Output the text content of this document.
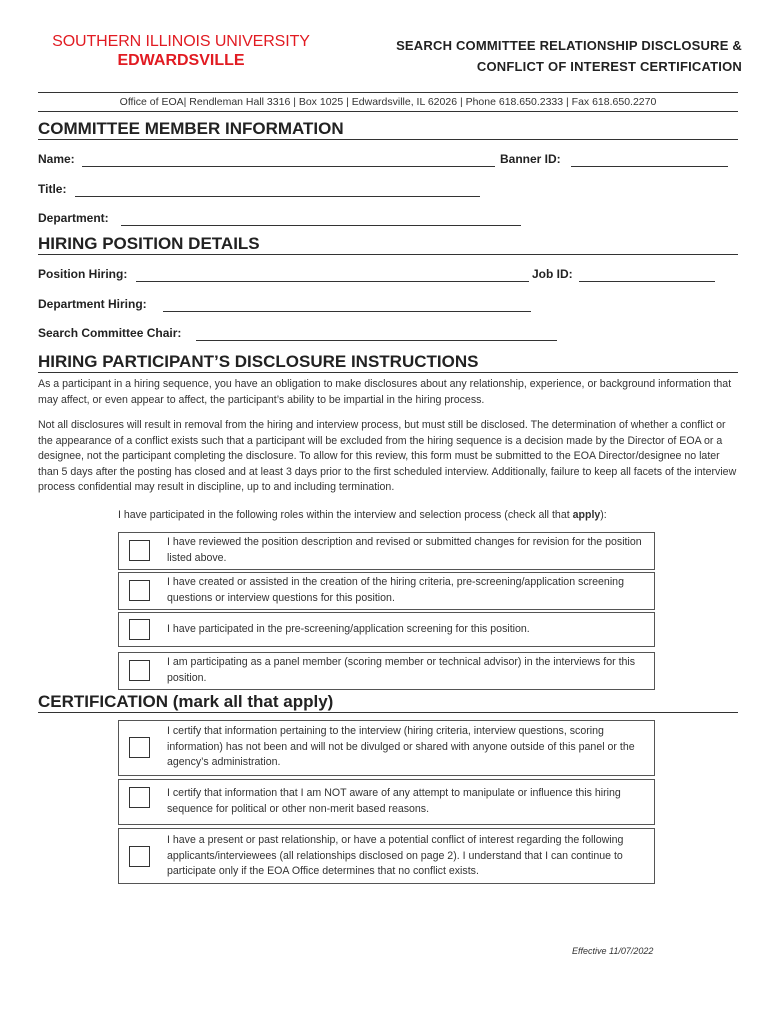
SOUTHERN ILLINOIS UNIVERSITY
EDWARDSVILLE
SEARCH COMMITTEE RELATIONSHIP DISCLOSURE &
CONFLICT OF INTEREST CERTIFICATION
Office of EOA| Rendleman Hall 3316 | Box 1025 | Edwardsville, IL 62026 | Phone 618.650.2333 | Fax 618.650.2270
COMMITTEE MEMBER INFORMATION
Name:	Banner ID:
Title:
Department:
HIRING POSITION DETAILS
Position Hiring:	Job ID:
Department Hiring:
Search Committee Chair:
HIRING PARTICIPANT’S DISCLOSURE INSTRUCTIONS
As a participant in a hiring sequence, you have an obligation to make disclosures about any relationship, experience, or background information that may affect, or even appear to affect, the participant’s ability to be impartial in the hiring process.
Not all disclosures will result in removal from the hiring and interview process, but must still be disclosed. The determination of whether a conflict or the appearance of a conflict exists such that a participant will be excluded from the hiring sequence is a decision made by the Director of EOA or a designee, not the participant completing the disclosure. To allow for this review, this form must be submitted to the EOA Director/designee no later than 5 days after the posting has closed and at least 3 days prior to the first scheduled interview. Additionally, failure to keep all facets of the interview process confidential may result in discipline, up to and including termination.
I have participated in the following roles within the interview and selection process (check all that apply):
I have reviewed the position description and revised or submitted changes for revision for the position listed above.
I have created or assisted in the creation of the hiring criteria, pre-screening/application screening questions or interview questions for this position.
I have participated in the pre-screening/application screening for this position.
I am participating as a panel member (scoring member or technical advisor) in the interviews for this position.
CERTIFICATION (mark all that apply)
I certify that information pertaining to the interview (hiring criteria, interview questions, scoring information) has not been and will not be divulged or shared with anyone outside of this panel or the agency’s administration.
I certify that information that I am NOT aware of any attempt to manipulate or influence this hiring sequence for political or other non-merit based reasons.
I have a present or past relationship, or have a potential conflict of interest regarding the following applicants/interviewees (all relationships disclosed on page 2). I understand that I can continue to participate only if the EOA Office determines that no conflict exists.
Effective 11/07/2022
